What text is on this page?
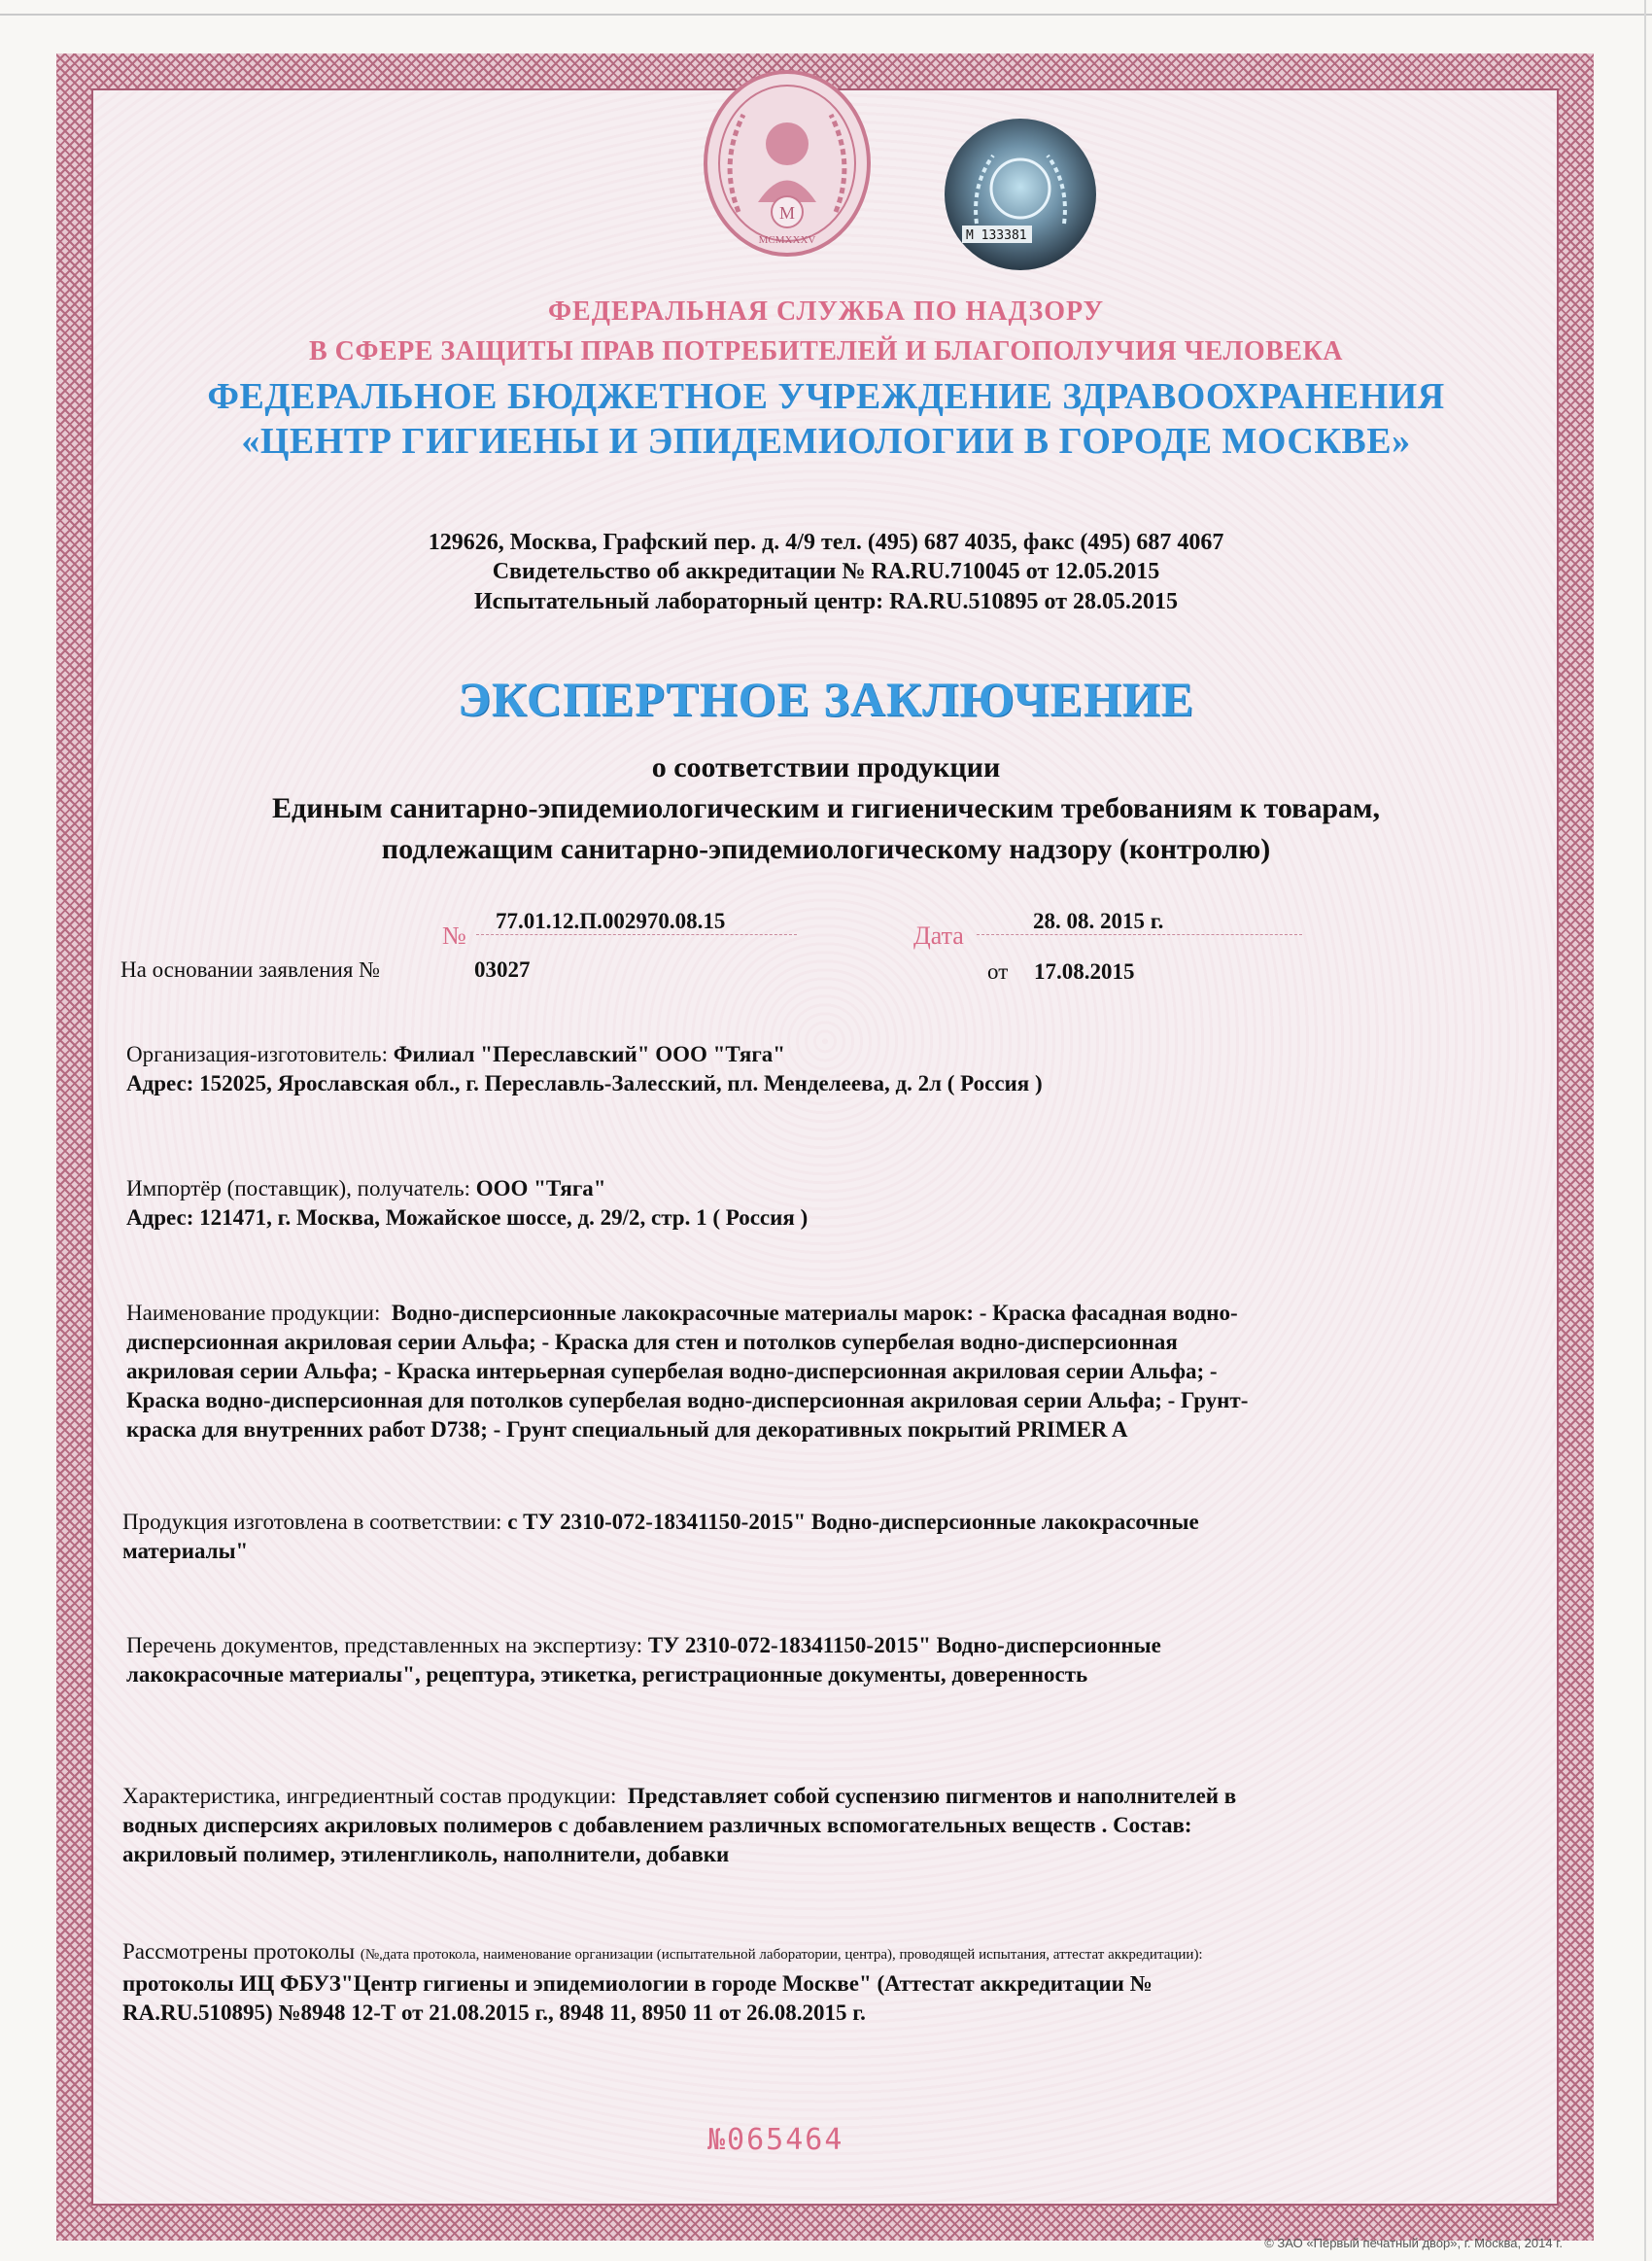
M
MCMXXXV	M 133381
ФЕДЕРАЛЬНАЯ СЛУЖБА ПО НАДЗОРУ
В СФЕРЕ ЗАЩИТЫ ПРАВ ПОТРЕБИТЕЛЕЙ И БЛАГОПОЛУЧИЯ ЧЕЛОВЕКА
ФЕДЕРАЛЬНОЕ БЮДЖЕТНОЕ УЧРЕЖДЕНИЕ ЗДРАВООХРАНЕНИЯ
«ЦЕНТР ГИГИЕНЫ И ЭПИДЕМИОЛОГИИ В ГОРОДЕ МОСКВЕ»
129626, Москва, Графский пер. д. 4/9 тел. (495) 687 4035, факс (495) 687 4067
Свидетельство об аккредитации № RA.RU.710045 от 12.05.2015
Испытательный лабораторный центр: RA.RU.510895 от 28.05.2015
ЭКСПЕРТНОЕ ЗАКЛЮЧЕНИЕ
о соответствии продукции
Единым санитарно-эпидемиологическим и гигиеническим требованиям к товарам,
подлежащим санитарно-эпидемиологическому надзору (контролю)
№
77.01.12.П.002970.08.15
Дата
28. 08. 2015 г.
На основании заявления №	03027	от 17.08.2015
Организация-изготовитель: Филиал "Переславский" ООО "Тяга"
Адрес: 152025, Ярославская обл., г. Переславль-Залесский, пл. Менделеева, д. 2л ( Россия )
Импортёр (поставщик), получатель: ООО "Тяга"
Адрес: 121471, г. Москва, Можайское шоссе, д. 29/2, стр. 1 ( Россия )
Наименование продукции: Водно-дисперсионные лакокрасочные материалы марок: - Краска фасадная водно-
дисперсионная акриловая серии Альфа; - Краска для стен и потолков супербелая водно-дисперсионная
акриловая серии Альфа; - Краска интерьерная супербелая водно-дисперсионная акриловая серии Альфа; -
Краска водно-дисперсионная для потолков супербелая водно-дисперсионная акриловая серии Альфа; - Грунт-
краска для внутренних работ D738; - Грунт специальный для декоративных покрытий PRIMER A
Продукция изготовлена в соответствии: с ТУ 2310-072-18341150-2015" Водно-дисперсионные лакокрасочные
материалы"
Перечень документов, представленных на экспертизу: ТУ 2310-072-18341150-2015" Водно-дисперсионные
лакокрасочные материалы", рецептура, этикетка, регистрационные документы, доверенность
Характеристика, ингредиентный состав продукции: Представляет собой суспензию пигментов и наполнителей в
водных дисперсиях акриловых полимеров с добавлением различных вспомогательных веществ . Состав:
акриловый полимер, этиленгликоль, наполнители, добавки
Рассмотрены протоколы (№,дата протокола, наименование организации (испытательной лаборатории, центра), проводящей испытания, аттестат аккредитации):
протоколы ИЦ ФБУЗ"Центр гигиены и эпидемиологии в городе Москве" (Аттестат аккредитации №
RA.RU.510895) №8948 12-Т от 21.08.2015 г., 8948 11, 8950 11 от 26.08.2015 г.
№065464
© ЗАО «Первый печатный двор», г. Москва, 2014 г.
